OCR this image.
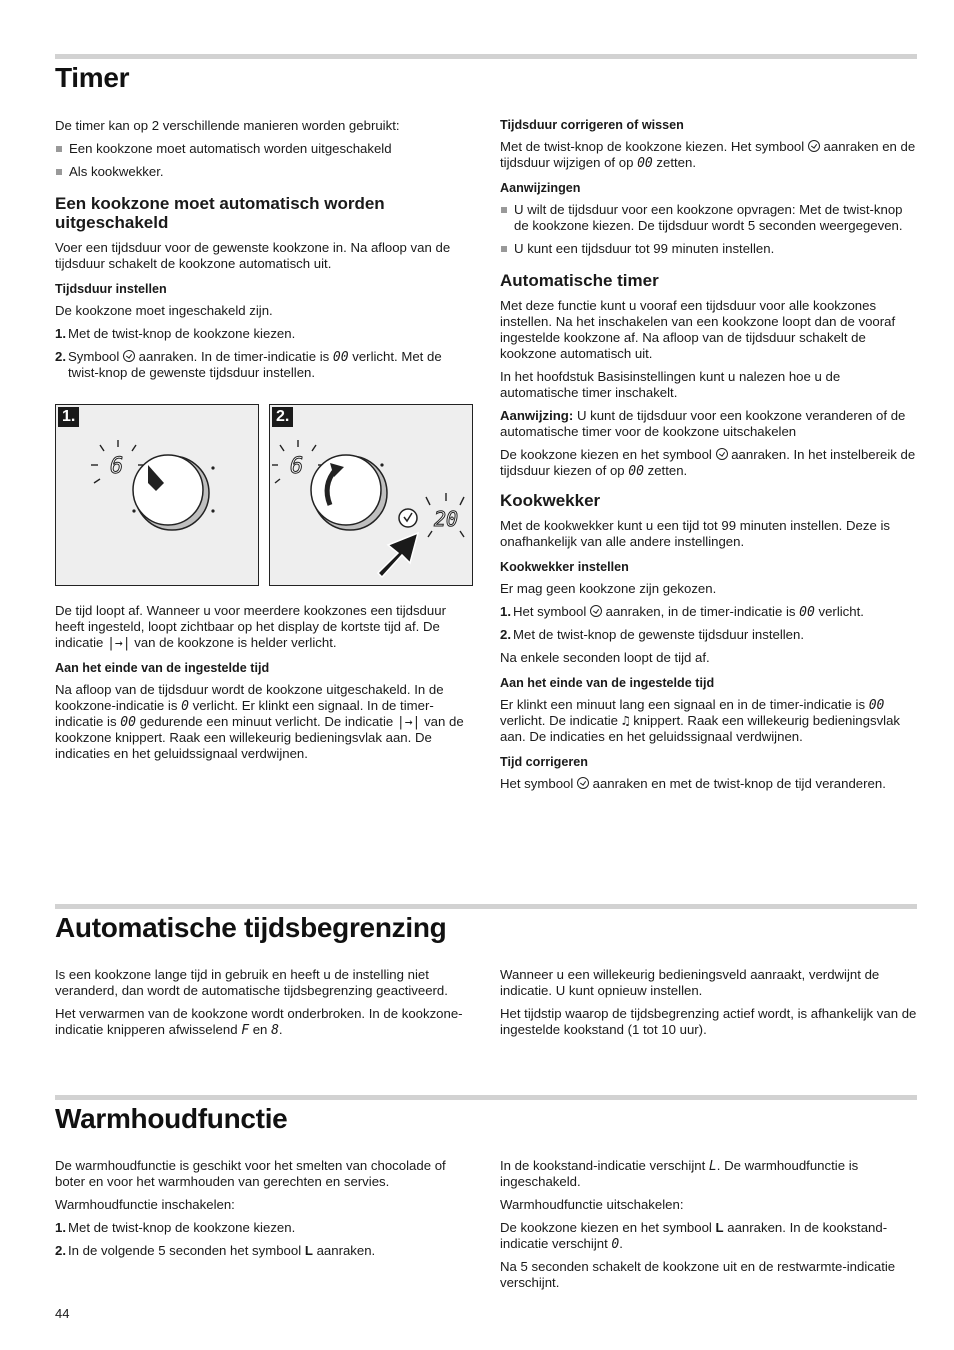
Timer

De timer kan op 2 verschillende manieren worden gebruikt:

Een kookzone moet automatisch worden uitgeschakeld
Als kookwekker.
Een kookzone moet automatisch worden uitgeschakeld

Voer een tijdsduur voor de gewenste kookzone in. Na afloop van de tijdsduur schakelt de kookzone automatisch uit.

Tijdsduur instellen

De kookzone moet ingeschakeld zijn.

1. Met de twist-knop de kookzone kiezen.
2. Symbool aanraken. In de timer-indicatie is 00 verlicht. Met de twist-knop de gewenste tijdsduur instellen.
1.
6
2.
6
20

De tijd loopt af. Wanneer u voor meerdere kookzones een tijdsduur heeft ingesteld, loopt zichtbaar op het display de kortste tijd af. De indicatie |→| van de kookzone is helder verlicht.

Aan het einde van de ingestelde tijd

Na afloop van de tijdsduur wordt de kookzone uitgeschakeld. In de kookzone-indicatie is 0 verlicht. Er klinkt een signaal. In de timer-indicatie is 00 gedurende een minuut verlicht. De indicatie |→| van de kookzone knippert. Raak een willekeurig bedieningsvlak aan. De indicaties en het geluidssignaal verdwijnen.

Tijdsduur corrigeren of wissen

Met de twist-knop de kookzone kiezen. Het symbool aanraken en de tijdsduur wijzigen of op 00 zetten.

Aanwijzingen
U wilt de tijdsduur voor een kookzone opvragen: Met de twist-knop de kookzone kiezen. De tijdsduur wordt 5 seconden weergegeven.
U kunt een tijdsduur tot 99 minuten instellen.
Automatische timer

Met deze functie kunt u vooraf een tijdsduur voor alle kookzones instellen. Na het inschakelen van een kookzone loopt dan de vooraf ingestelde kookzone af. Na afloop van de tijdsduur schakelt de kookzone automatisch uit.

In het hoofdstuk Basisinstellingen kunt u nalezen hoe u de automatische timer inschakelt.

Aanwijzing: U kunt de tijdsduur voor een kookzone veranderen of de automatische timer voor de kookzone uitschakelen

De kookzone kiezen en het symbool aanraken. In het instelbereik de tijdsduur kiezen of op 00 zetten.

Kookwekker

Met de kookwekker kunt u een tijd tot 99 minuten instellen. Deze is onafhankelijk van alle andere instellingen.

Kookwekker instellen

Er mag geen kookzone zijn gekozen.

1. Het symbool aanraken, in de timer-indicatie is 00 verlicht.
2. Met de twist-knop de gewenste tijdsduur instellen.

Na enkele seconden loopt de tijd af.

Aan het einde van de ingestelde tijd

Er klinkt een minuut lang een signaal en in de timer-indicatie is 00 verlicht. De indicatie ♫ knippert. Raak een willekeurig bedieningsvlak aan. De indicaties en het geluidssignaal verdwijnen.

Tijd corrigeren

Het symbool aanraken en met de twist-knop de tijd veranderen.

Automatische tijdsbegrenzing

Is een kookzone lange tijd in gebruik en heeft u de instelling niet veranderd, dan wordt de automatische tijdsbegrenzing geactiveerd.

Het verwarmen van de kookzone wordt onderbroken. In de kookzone-indicatie knipperen afwisselend F en 8.

Wanneer u een willekeurig bedieningsveld aanraakt, verdwijnt de indicatie. U kunt opnieuw instellen.

Het tijdstip waarop de tijdsbegrenzing actief wordt, is afhankelijk van de ingestelde kookstand (1 tot 10 uur).

Warmhoudfunctie

De warmhoudfunctie is geschikt voor het smelten van chocolade of boter en voor het warmhouden van gerechten en servies.

Warmhoudfunctie inschakelen:

1. Met de twist-knop de kookzone kiezen.
2. In de volgende 5 seconden het symbool L aanraken.

In de kookstand-indicatie verschijnt L. De warmhoudfunctie is ingeschakeld.

Warmhoudfunctie uitschakelen:

De kookzone kiezen en het symbool L aanraken. In de kookstand-indicatie verschijnt 0.

Na 5 seconden schakelt de kookzone uit en de restwarmte-indicatie verschijnt.

44
